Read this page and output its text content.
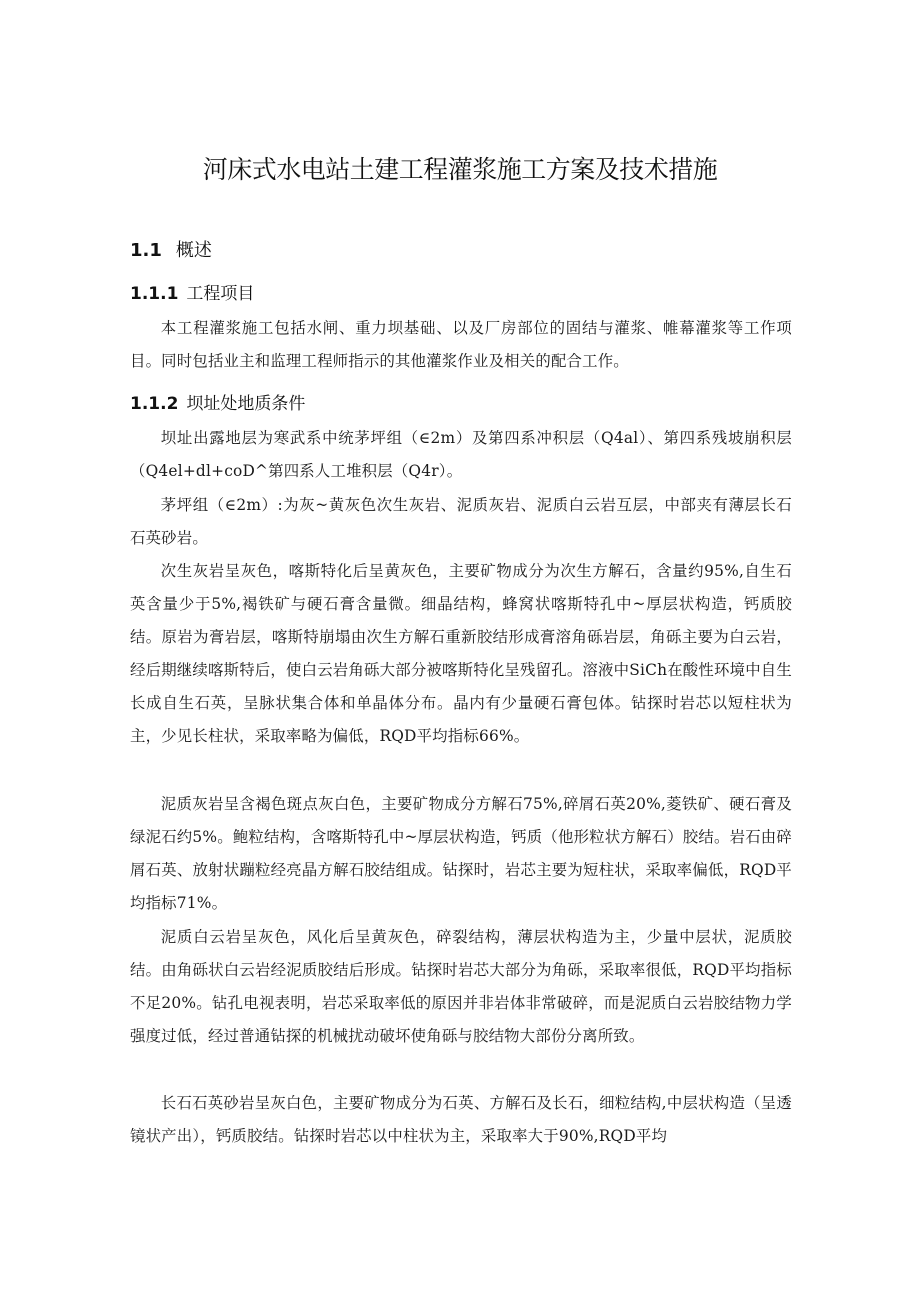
河床式水电站土建工程灌浆施工方案及技术措施
1.1 概述
1.1.1 工程项目

本工程灌浆施工包括水闸、重力坝基础、以及厂房部位的固结与灌浆、帷幕灌浆等工作项目。同时包括业主和监理工程师指示的其他灌浆作业及相关的配合工作。

1.1.2 坝址处地质条件

坝址出露地层为寒武系中统茅坪组（∈2m）及第四系冲积层（Q4al）、第四系残坡崩积层（Q4el+dl+coD^第四系人工堆积层（Q4r）。

茅坪组（∈2m）:为灰~黄灰色次生灰岩、泥质灰岩、泥质白云岩互层，中部夹有薄层长石石英砂岩。

次生灰岩呈灰色，喀斯特化后呈黄灰色，主要矿物成分为次生方解石，含量约95%,自生石英含量少于5%,褐铁矿与硬石膏含量微。细晶结构，蜂窝状喀斯特孔中~厚层状构造，钙质胶结。原岩为膏岩层，喀斯特崩塌由次生方解石重新胶结形成膏溶角砾岩层，角砾主要为白云岩，经后期继续喀斯特后，使白云岩角砾大部分被喀斯特化呈残留孔。溶液中SiCh在酸性环境中自生长成自生石英，呈脉状集合体和单晶体分布。晶内有少量硬石膏包体。钻探时岩芯以短柱状为主，少见长柱状，采取率略为偏低，RQD平均指标66%。

泥质灰岩呈含褐色斑点灰白色，主要矿物成分方解石75%,碎屑石英20%,菱铁矿、硬石膏及绿泥石约5%。鲍粒结构，含喀斯特孔中~厚层状构造，钙质（他形粒状方解石）胶结。岩石由碎屑石英、放射状蹦粒经亮晶方解石胶结组成。钻探时，岩芯主要为短柱状，采取率偏低，RQD平均指标71%。

泥质白云岩呈灰色，风化后呈黄灰色，碎裂结构，薄层状构造为主，少量中层状，泥质胶结。由角砾状白云岩经泥质胶结后形成。钻探时岩芯大部分为角砾，采取率很低，RQD平均指标不足20%。钻孔电视表明，岩芯采取率低的原因并非岩体非常破碎，而是泥质白云岩胶结物力学强度过低，经过普通钻探的机械扰动破坏使角砾与胶结物大部份分离所致。

长石石英砂岩呈灰白色，主要矿物成分为石英、方解石及长石，细粒结构,中层状构造（呈透镜状产出），钙质胶结。钻探时岩芯以中柱状为主，采取率大于90%,RQD平均
